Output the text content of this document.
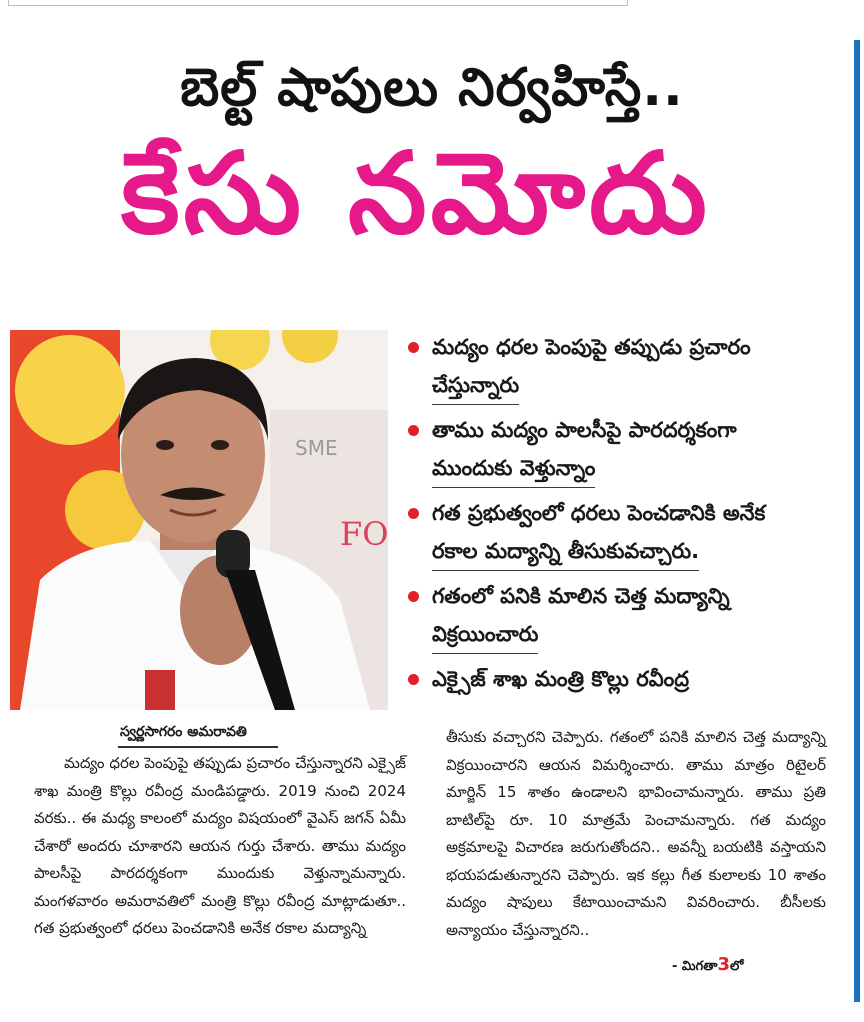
బెల్ట్ షాపులు నిర్వహిస్తే..
కేసు నమోదు
SME
FO
మద్యం ధరల పెంపుపై తప్పుడు ప్రచారం
చేస్తున్నారు
తాము మద్యం పాలసీపై పారదర్శకంగా
ముందుకు వెళ్తున్నాం
గత ప్రభుత్వంలో ధరలు పెంచడానికి అనేక
రకాల మద్యాన్ని తీసుకువచ్చారు.
గతంలో పనికి మాలిన చెత్త మద్యాన్ని
విక్రయించారు
ఎక్సైజ్ శాఖ మంత్రి కొల్లు రవీంద్ర
స్వర్ణసాగరం అమరావతి

మద్యం ధరల పెంపుపై తప్పుడు ప్రచారం చేస్తున్నారని ఎక్సైజ్ శాఖ మంత్రి కొల్లు రవీంద్ర మండిపడ్డారు. 2019 నుంచి 2024 వరకు.. ఈ మధ్య కాలంలో మద్యం విషయంలో వైఎస్ జగన్ ఏమీ చేశారో అందరు చూశారని ఆయన గుర్తు చేశారు. తాము మద్యం పాలసీపై పారదర్శకంగా ముందుకు వెళ్తున్నామన్నారు. మంగళవారం అమరావతిలో మంత్రి కొల్లు రవీంద్ర మాట్లాడుతూ.. గత ప్రభుత్వంలో ధరలు పెంచడానికి అనేక రకాల మద్యాన్ని

తీసుకు వచ్చారని చెప్పారు. గతంలో పనికి మాలిన చెత్త మద్యాన్ని విక్రయించారని ఆయన విమర్శించారు. తాము మాత్రం రిటైలర్ మార్జిన్ 15 శాతం ఉండాలని భావించామన్నారు. తాము ప్రతి బాటిల్‌పై రూ. 10 మాత్రమే పెంచామన్నారు. గత మద్యం అక్రమాలపై విచారణ జరుగుతోందని.. అవన్నీ బయటికి వస్తాయని భయపడుతున్నారని చెప్పారు. ఇక కల్లు గీత కులాలకు 10 శాతం మద్యం షాపులు కేటాయించామని వివరించారు. బీసీలకు అన్యాయం చేస్తున్నారని..

- మిగతా3లో
